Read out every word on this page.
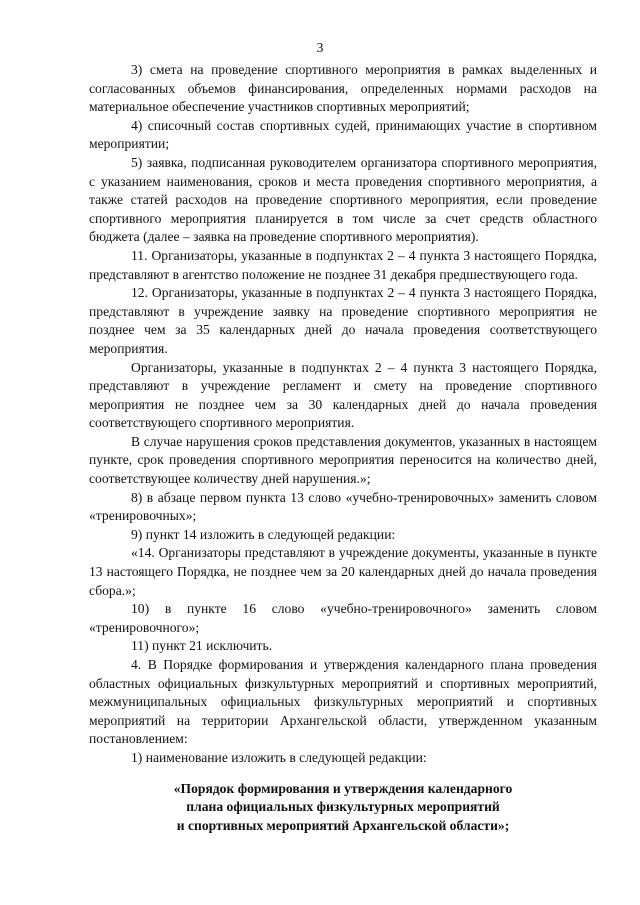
3

3) смета на проведение спортивного мероприятия в рамках выделенных и согласованных объемов финансирования, определенных нормами расходов на материальное обеспечение участников спортивных мероприятий;

4) списочный состав спортивных судей, принимающих участие в спортивном мероприятии;

5) заявка, подписанная руководителем организатора спортивного мероприятия, с указанием наименования, сроков и места проведения спортивного мероприятия, а также статей расходов на проведение спортивного мероприятия, если проведение спортивного мероприятия планируется в том числе за счет средств областного бюджета (далее – заявка на проведение спортивного мероприятия).

11. Организаторы, указанные в подпунктах 2 – 4 пункта 3 настоящего Порядка, представляют в агентство положение не позднее 31 декабря предшествующего года.

12. Организаторы, указанные в подпунктах 2 – 4 пункта 3 настоящего Порядка, представляют в учреждение заявку на проведение спортивного мероприятия не позднее чем за 35 календарных дней до начала проведения соответствующего мероприятия.

Организаторы, указанные в подпунктах 2 – 4 пункта 3 настоящего Порядка, представляют в учреждение регламент и смету на проведение спортивного мероприятия не позднее чем за 30 календарных дней до начала проведения соответствующего спортивного мероприятия.

В случае нарушения сроков представления документов, указанных в настоящем пункте, срок проведения спортивного мероприятия переносится на количество дней, соответствующее количеству дней нарушения.»;

8) в абзаце первом пункта 13 слово «учебно-тренировочных» заменить словом «тренировочных»;

9) пункт 14 изложить в следующей редакции:

«14. Организаторы представляют в учреждение документы, указанные в пункте 13 настоящего Порядка, не позднее чем за 20 календарных дней до начала проведения сбора.»;

10) в пункте 16 слово «учебно-тренировочного» заменить словом «тренировочного»;

11) пункт 21 исключить.

4. В Порядке формирования и утверждения календарного плана проведения областных официальных физкультурных мероприятий и спортивных мероприятий, межмуниципальных официальных физкультурных мероприятий и спортивных мероприятий на территории Архангельской области, утвержденном указанным постановлением:

1) наименование изложить в следующей редакции:

«Порядок формирования и утверждения календарного
плана официальных физкультурных мероприятий
и спортивных мероприятий Архангельской области»;
